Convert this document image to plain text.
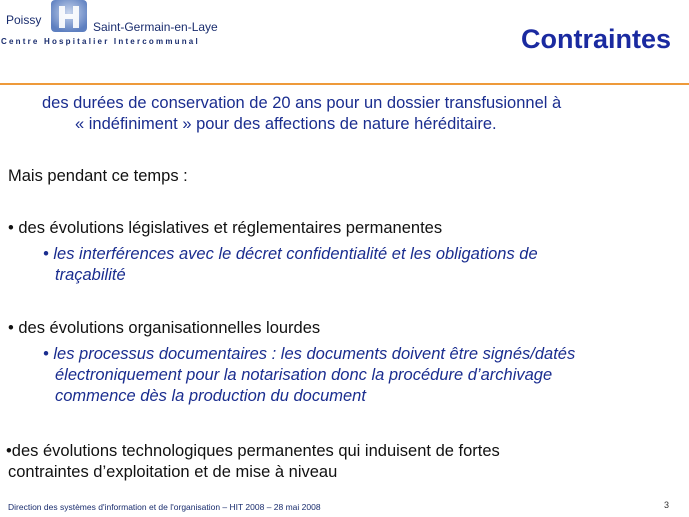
Poissy	Saint-Germain-en-Laye
Centre Hospitalier Intercommunal	Contraintes

des durées de conservation de 20 ans pour un dossier transfusionnel à

« indéfiniment » pour des affections de nature héréditaire.

Mais pendant ce temps :

• des évolutions législatives et réglementaires permanentes

• les interférences avec le décret confidentialité et les obligations de

traçabilité

• des évolutions organisationnelles lourdes

• les processus documentaires : les documents doivent être signés/datés

électroniquement pour la notarisation donc la procédure d’archivage

commence dès la production du document

•des évolutions technologiques permanentes qui induisent de fortes

contraintes d’exploitation et de mise à niveau

Direction des systèmes d'information et de l'organisation – HIT 2008 – 28 mai 2008	3
